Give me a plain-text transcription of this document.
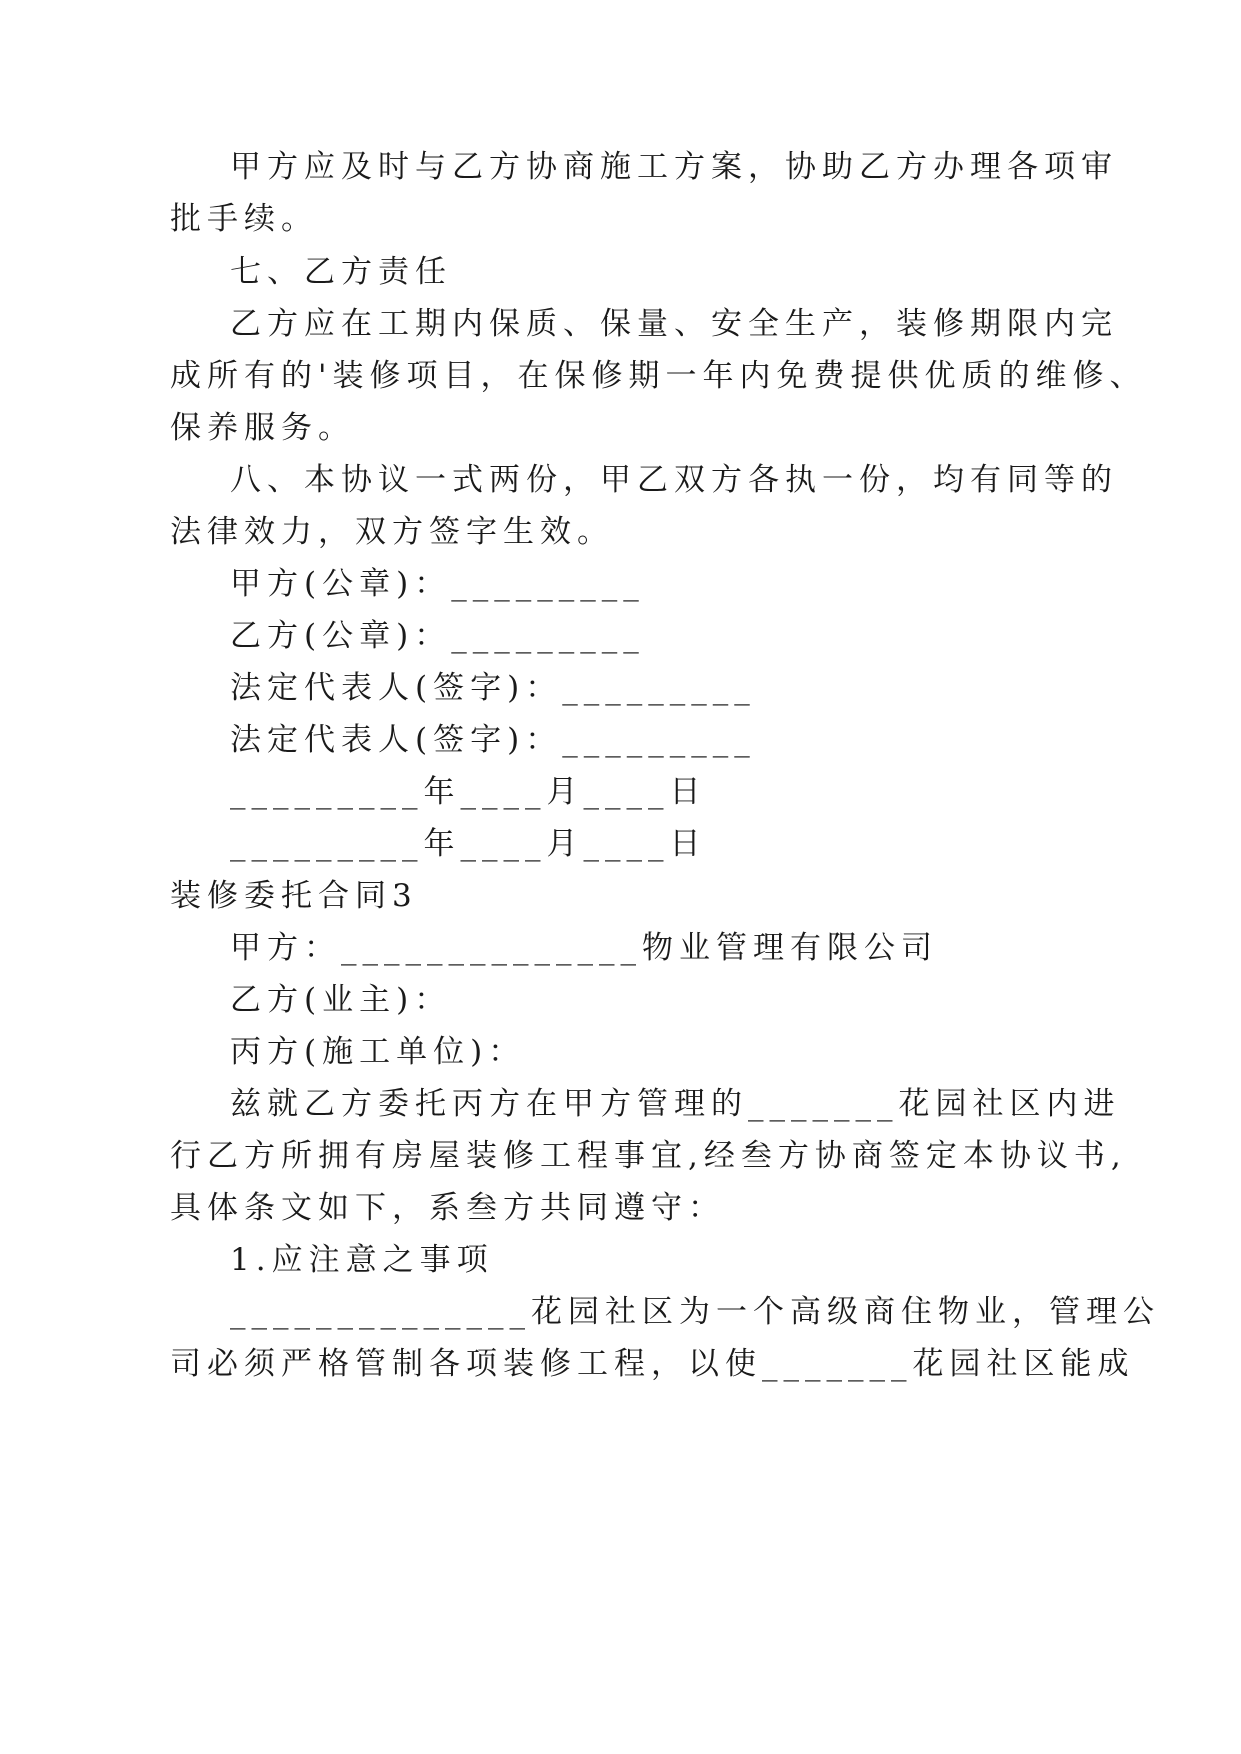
甲方应及时与乙方协商施工方案，协助乙方办理各项审
批手续。
七、乙方责任
乙方应在工期内保质、保量、安全生产，装修期限内完
成所有的'装修项目，在保修期一年内免费提供优质的维修、
保养服务。
八、本协议一式两份，甲乙双方各执一份，均有同等的
法律效力，双方签字生效。
甲方(公章)：_________
乙方(公章)：_________
法定代表人(签字)：_________
法定代表人(签字)：_________
_________年____月____日
_________年____月____日
装修委托合同3
甲方：______________物业管理有限公司
乙方(业主)：
丙方(施工单位)：
兹就乙方委托丙方在甲方管理的_______花园社区内进
行乙方所拥有房屋装修工程事宜,经叁方协商签定本协议书,
具体条文如下，系叁方共同遵守：
1.应注意之事项
______________花园社区为一个高级商住物业，管理公
司必须严格管制各项装修工程，以使_______花园社区能成
